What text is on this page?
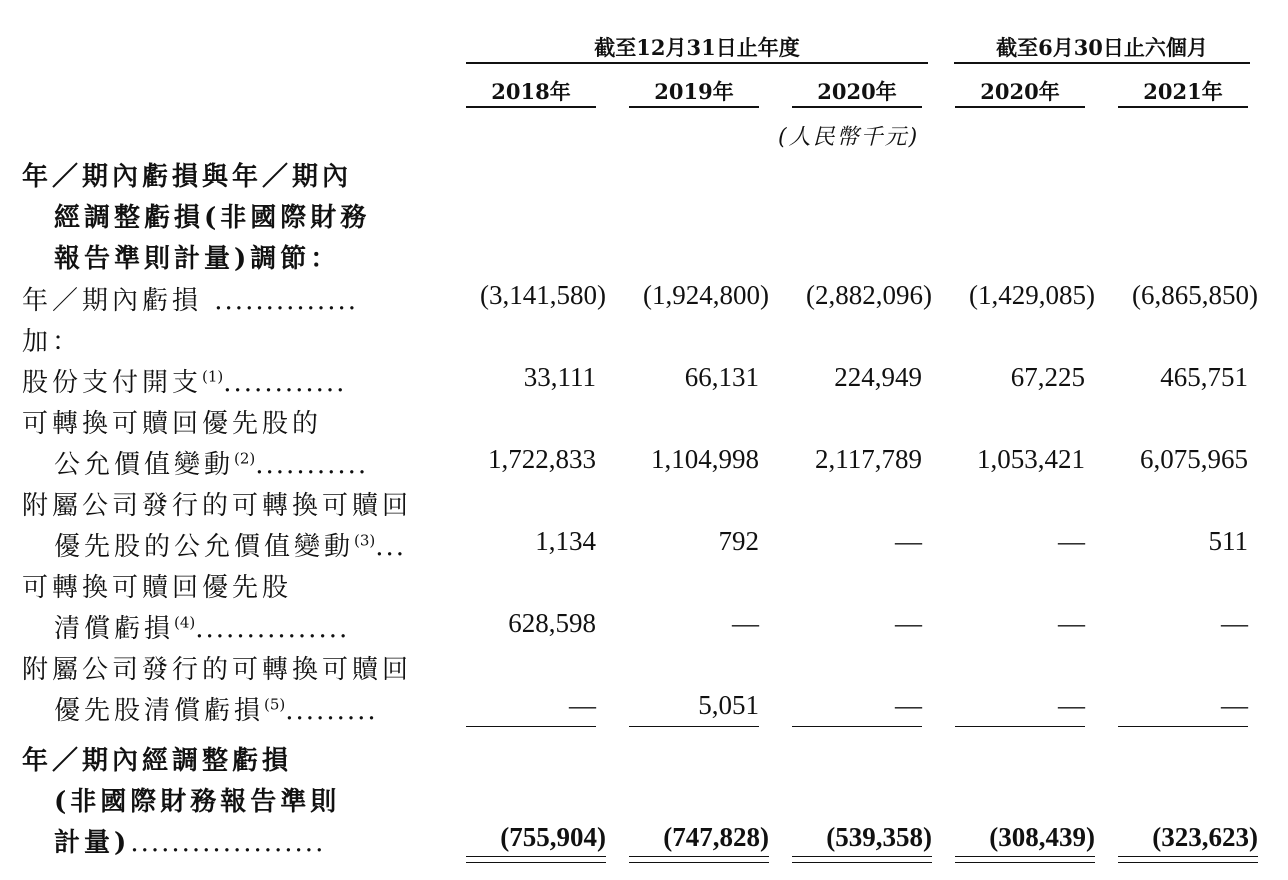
截至12月31日止年度	截至6月30日止六個月
2018年	2019年	2020年	2020年	2021年
(人民幣千元)
年／期內虧損與年／期內
經調整虧損(非國際財務
報告準則計量)調節：
年／期內虧損 ..............	(3,141,580)	(1,924,800)	(2,882,096)	(1,429,085)	(6,865,850)
加：
股份支付開支$^{(1)}$............	33,111	66,131	224,949	67,225	465,751
可轉換可贖回優先股的
公允價值變動$^{(2)}$...........	1,722,833	1,104,998	2,117,789	1,053,421	6,075,965
附屬公司發行的可轉換可贖回
優先股的公允價值變動$^{(3)}$...	1,134	792	—	—	511
可轉換可贖回優先股
清償虧損$^{(4)}$...............	628,598	—	—	—	—
附屬公司發行的可轉換可贖回
優先股清償虧損$^{(5)}$.........	—	5,051	—	—	—
年／期內經調整虧損
(非國際財務報告準則
計量)...................	(755,904)	(747,828)	(539,358)	(308,439)	(323,623)
